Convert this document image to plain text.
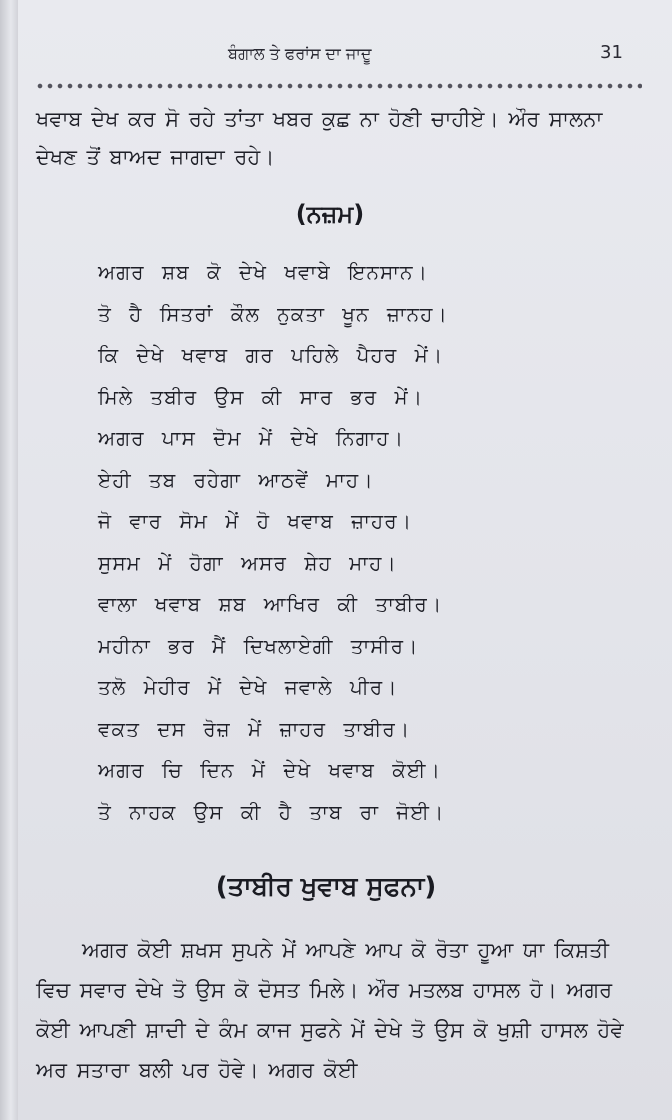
ਬੰਗਾਲ ਤੇ ਫਰਾਂਸ ਦਾ ਜਾਦੂ	31
ਖਵਾਬ ਦੇਖ ਕਰ ਸੋ ਰਹੇ ਤਾਂਤਾ ਖਬਰ ਕੁਛ ਨਾ ਹੋਣੀ ਚਾਹੀਏ। ਔਰ ਸਾਲਨਾ ਦੇਖਣ ਤੋਂ ਬਾਅਦ ਜਾਗਦਾ ਰਹੇ।
(ਨਜ਼ਮ)
ਅਗਰ ਸ਼ਬ ਕੋ ਦੇਖੇ ਖਵਾਬੇ ਇਨਸਾਨ।
ਤੋ ਹੈ ਸਿਤਰਾਂ ਕੌਲ ਨੁਕਤਾ ਖੂਨ ਜ਼ਾਨਹ।
ਕਿ ਦੇਖੇ ਖਵਾਬ ਗਰ ਪਹਿਲੇ ਪੈਹਰ ਮੇਂ।
ਮਿਲੇ ਤਬੀਰ ਉਸ ਕੀ ਸਾਰ ਭਰ ਮੇਂ।
ਅਗਰ ਪਾਸ ਦੋਮ ਮੇਂ ਦੇਖੇ ਨਿਗਾਹ।
ਏਹੀ ਤਬ ਰਹੇਗਾ ਆਠਵੇਂ ਮਾਹ।
ਜੋ ਵਾਰ ਸੋਮ ਮੇਂ ਹੋ ਖਵਾਬ ਜ਼ਾਹਰ।
ਸੁਸਮ ਮੇਂ ਹੋਗਾ ਅਸਰ ਸ਼ੇਹ ਮਾਹ।
ਵਾਲਾ ਖਵਾਬ ਸ਼ਬ ਆਖਿਰ ਕੀ ਤਾਬੀਰ।
ਮਹੀਨਾ ਭਰ ਮੈਂ ਦਿਖਲਾਏਗੀ ਤਾਸੀਰ।
ਤਲੋ ਮੇਹੀਰ ਮੇਂ ਦੇਖੇ ਜਵਾਲੇ ਪੀਰ।
ਵਕਤ ਦਸ ਰੋਜ਼ ਮੇਂ ਜ਼ਾਹਰ ਤਾਬੀਰ।
ਅਗਰ ਚਿ ਦਿਨ ਮੇਂ ਦੇਖੇ ਖਵਾਬ ਕੋਈ।
ਤੋ ਨਾਹਕ ਉਸ ਕੀ ਹੈ ਤਾਬ ਰਾ ਜੋਈ।
(ਤਾਬੀਰ ਖੁਵਾਬ ਸੁਫਨਾ)
ਅਗਰ ਕੋਈ ਸ਼ਖਸ ਸੁਪਨੇ ਮੇਂ ਆਪਣੇ ਆਪ ਕੋ ਰੋਤਾ ਹੂਆ ਯਾ ਕਿਸ਼ਤੀ ਵਿਚ ਸਵਾਰ ਦੇਖੇ ਤੋ ਉਸ ਕੋ ਦੋਸਤ ਮਿਲੇ। ਔਰ ਮਤਲਬ ਹਾਸਲ ਹੋ। ਅਗਰ ਕੋਈ ਆਪਣੀ ਸ਼ਾਦੀ ਦੇ ਕੰਮ ਕਾਜ ਸੁਫਨੇ ਮੇਂ ਦੇਖੇ ਤੋ ਉਸ ਕੋ ਖੁਸ਼ੀ ਹਾਸਲ ਹੋਵੇ ਅਰ ਸਤਾਰਾ ਬਲੀ ਪਰ ਹੋਵੇ। ਅਗਰ ਕੋਈ
